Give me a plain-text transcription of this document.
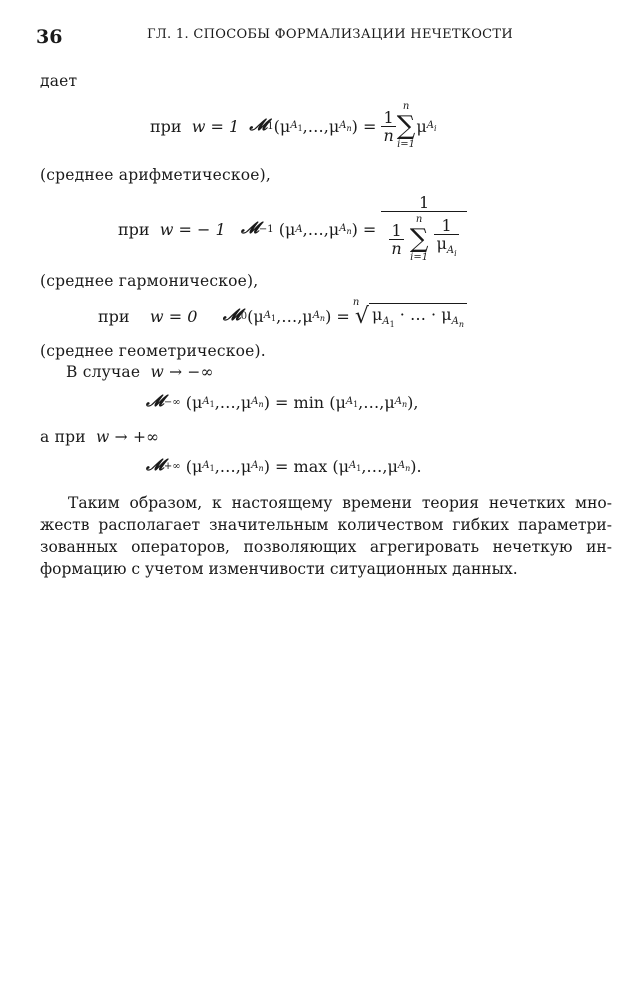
36	ГЛ. 1. СПОСОБЫ ФОРМАЛИЗАЦИИ НЕЧЕТКОСТИ
дает
при
w = 1
𝓜 1 ( μ $A_1$ , … , μ $A_n$ ) = $\frac{1}{n}$
n
∑
i=1
μ $A_i$
(среднее арифметическое),
при
w = − 1
𝓜 −1 ( μ A , … , μ $A_n$ ) =
1
$\frac{1}{n}$

n
∑
i=1
$\frac{1}{\mu_{A_i}}$
(среднее гармоническое),
при
w = 0
𝓜 0 ( μ $A_1$ , … , μ $A_n$ ) =
n
√ $\mu_{A_1}$ · … · $\mu_{A_n}$
(среднее геометрическое).
В случае w → −∞
𝓜 −∞ ( μ $A_1$ , … , μ $A_n$ ) = min ( μ $A_1$ , … , μ $A_n$ ),
а при w → +∞
𝓜 +∞ ( μ $A_1$ , … , μ $A_n$ ) = max ( μ $A_1$ , … , μ $A_n$ ).
Таким образом, к настоящему времени теория нечетких мно-
жеств располагает значительным количеством гибких параметри-
зованных операторов, позволяющих агрегировать нечеткую ин-
формацию с учетом изменчивости ситуационных данных.
